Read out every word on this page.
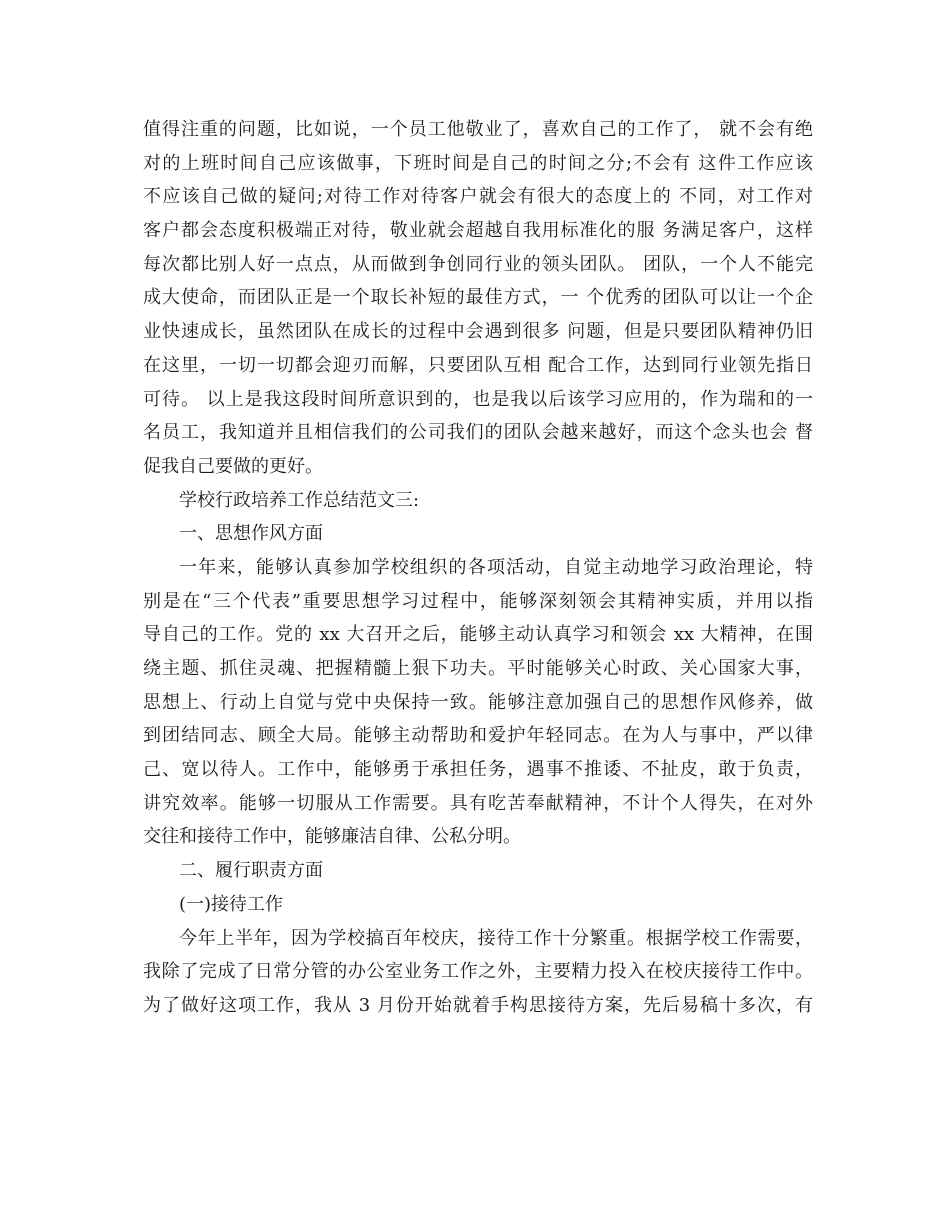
值得注重的问题，比如说，一个员工他敬业了，喜欢自己的工作了， 就不会有绝
对的上班时间自己应该做事，下班时间是自己的时间之分;不会有 这件工作应该
不应该自己做的疑问;对待工作对待客户就会有很大的态度上的 不同，对工作对
客户都会态度积极端正对待，敬业就会超越自我用标准化的服 务满足客户，这样
每次都比别人好一点点，从而做到争创同行业的领头团队。 团队，一个人不能完
成大使命，而团队正是一个取长补短的最佳方式，一 个优秀的团队可以让一个企
业快速成长，虽然团队在成长的过程中会遇到很多 问题，但是只要团队精神仍旧
在这里，一切一切都会迎刃而解，只要团队互相 配合工作，达到同行业领先指日
可待。 以上是我这段时间所意识到的，也是我以后该学习应用的，作为瑞和的一
名员工，我知道并且相信我们的公司我们的团队会越来越好，而这个念头也会 督
促我自己要做的更好。
学校行政培养工作总结范文三:
一、思想作风方面
一年来，能够认真参加学校组织的各项活动，自觉主动地学习政治理论，特
别是在“三个代表”重要思想学习过程中，能够深刻领会其精神实质，并用以指
导自己的工作。党的 xx 大召开之后，能够主动认真学习和领会 xx 大精神，在围
绕主题、抓住灵魂、把握精髓上狠下功夫。平时能够关心时政、关心国家大事，
思想上、行动上自觉与党中央保持一致。能够注意加强自己的思想作风修养，做
到团结同志、顾全大局。能够主动帮助和爱护年轻同志。在为人与事中，严以律
己、宽以待人。工作中，能够勇于承担任务，遇事不推诿、不扯皮，敢于负责，
讲究效率。能够一切服从工作需要。具有吃苦奉献精神，不计个人得失，在对外
交往和接待工作中，能够廉洁自律、公私分明。
二、履行职责方面
(一)接待工作
今年上半年，因为学校搞百年校庆，接待工作十分繁重。根据学校工作需要，
我除了完成了日常分管的办公室业务工作之外，主要精力投入在校庆接待工作中。
为了做好这项工作，我从 3 月份开始就着手构思接待方案，先后易稿十多次，有
